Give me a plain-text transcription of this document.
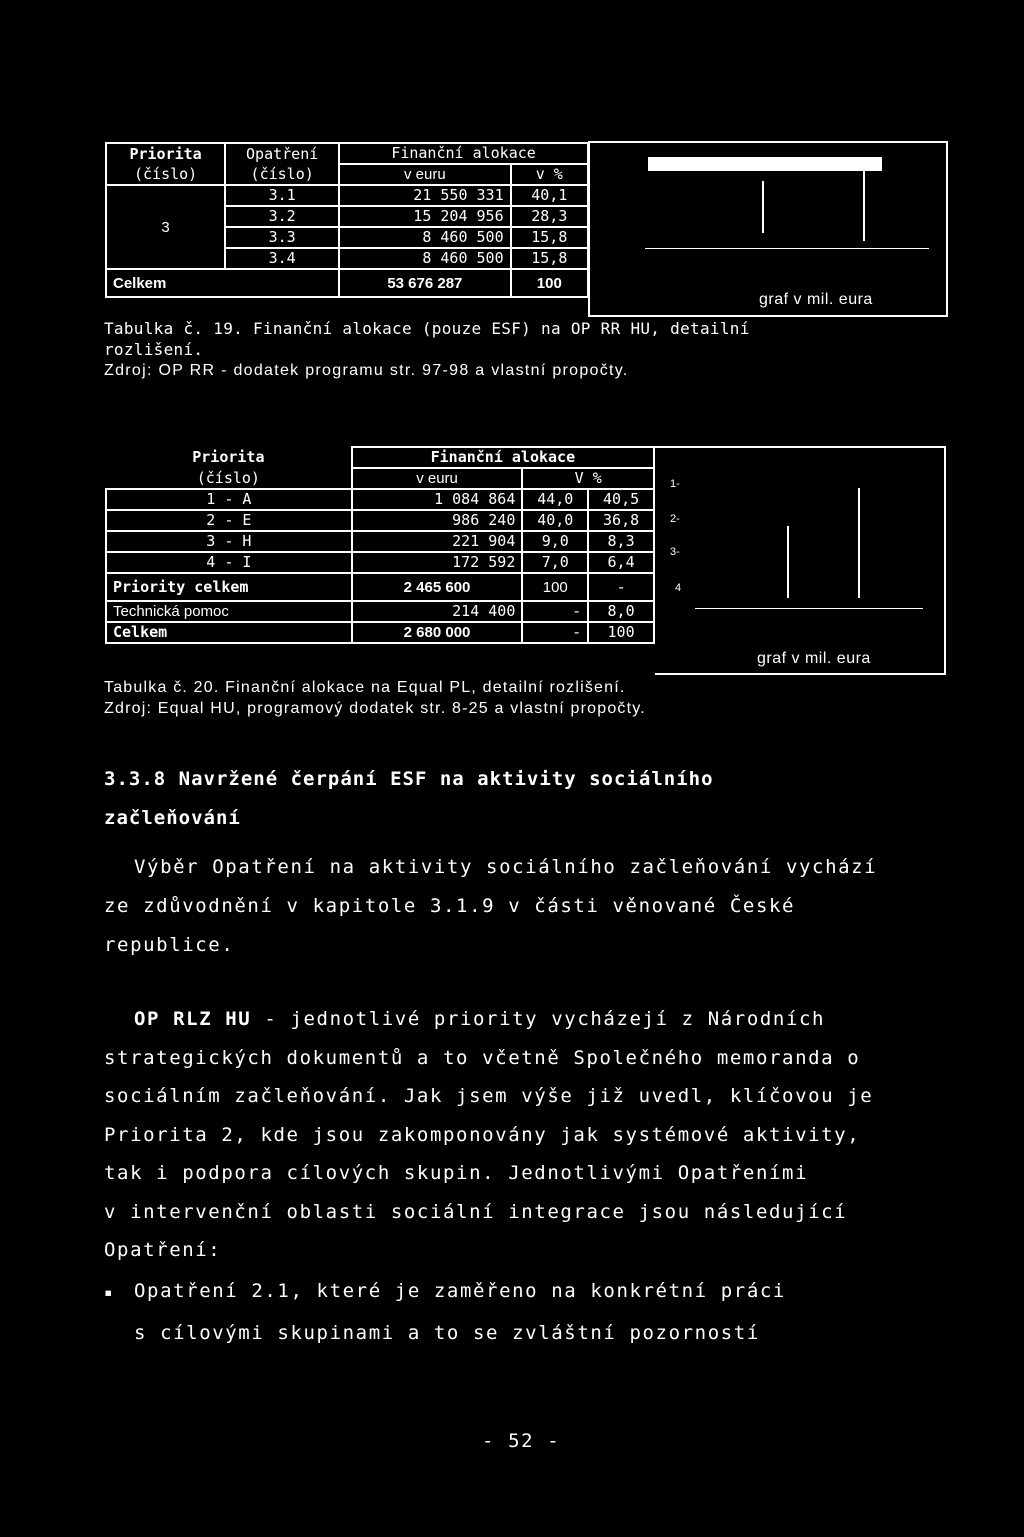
Priorita	Opatření	Finanční alokace	
(číslo)	(číslo)	v euru	v %
3	3.1	21 550 331	40,1
	3.2	15 204 956	28,3
	3.3	8 460 500	15,8
	3.4	8 460 500	15,8
Celkem		53 676 287	100
graf v mil. eura
Tabulka č. 19. Finanční alokace (pouze ESF) na OP RR HU, detailní
rozlišení.
Zdroj: OP RR - dodatek programu str. 97-98 a vlastní propočty.
Priorita	Finanční alokace		
(číslo)	v euru	V %	
1 - A	1 084 864	44,0	40,5
2 - E	986 240	40,0	36,8
3 - H	221 904	9,0	8,3
4 - I	172 592	7,0	6,4
Priority celkem	2 465 600	100	-
Technická pomoc	214 400	-	8,0
Celkem	2 680 000	-	100
1-
2-
3-
4
graf v mil. eura
Tabulka č. 20. Finanční alokace na Equal PL, detailní rozlišení.
Zdroj: Equal HU, programový dodatek str. 8-25 a vlastní propočty.
3.3.8 Navržené čerpání ESF na aktivity sociálního
začleňování
Výběr Opatření na aktivity sociálního začleňování vychází
ze zdůvodnění v kapitole 3.1.9 v části věnované České
republice.
OP RLZ HU - jednotlivé priority vycházejí z Národních
strategických dokumentů a to včetně Společného memoranda o
sociálním začleňování. Jak jsem výše již uvedl, klíčovou je
Priorita 2, kde jsou zakomponovány jak systémové aktivity,
tak i podpora cílových skupin. Jednotlivými Opatřeními
v intervenční oblasti sociální integrace jsou následující
Opatření:
▪ Opatření 2.1, které je zaměřeno na konkrétní práci
s cílovými skupinami a to se zvláštní pozorností
- 52 -
